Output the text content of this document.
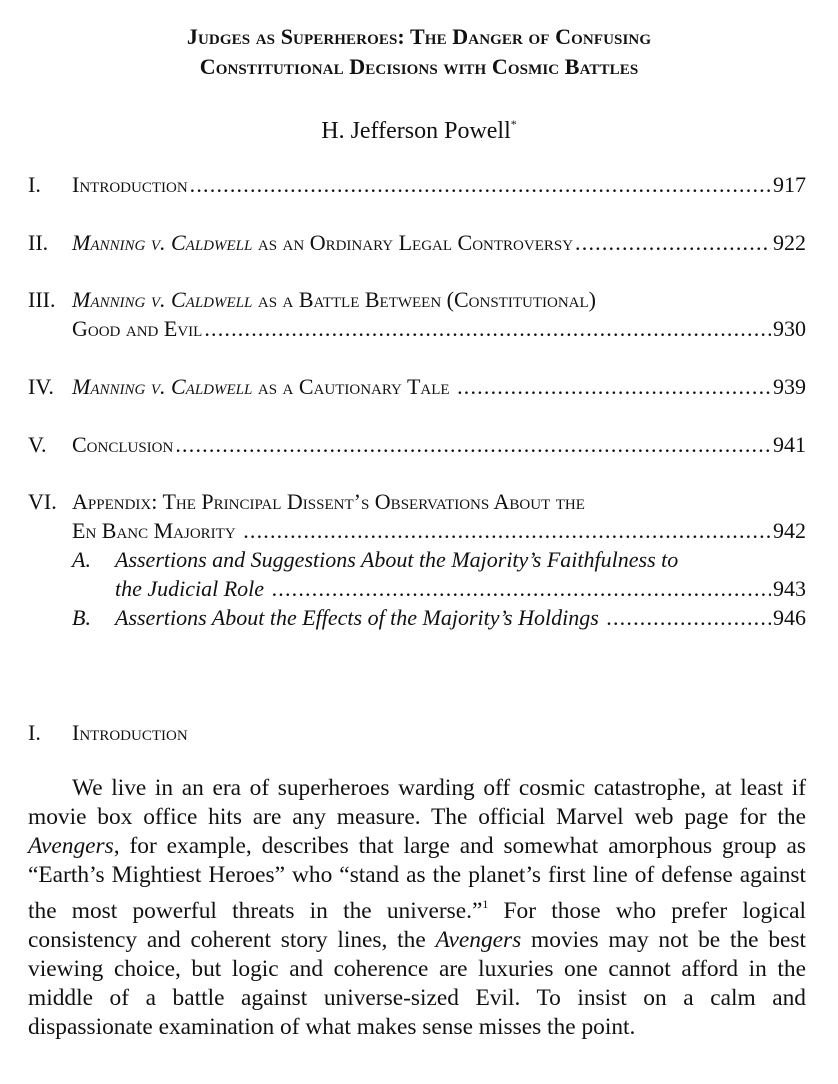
Judges as Superheroes: The Danger of Confusing
Constitutional Decisions with Cosmic Battles
H. Jefferson Powell*
I. Introduction .....	917
II. Manning v. Caldwell as an Ordinary Legal Controversy .....	922
III. Manning v. Caldwell as a Battle Between (Constitutional)
Good and Evil .....	930
IV. Manning v. Caldwell as a Cautionary Tale .....	939
V. Conclusion .....	941
VI. Appendix: The Principal Dissent’s Observations About the
En Banc Majority .....	942
A. Assertions and Suggestions About the Majority’s Faithfulness to
the Judicial Role .....	943
B. Assertions About the Effects of the Majority’s Holdings .....	946
I. Introduction
We live in an era of superheroes warding off cosmic catastrophe, at least if movie box office hits are any measure. The official Marvel web page for the Avengers, for example, describes that large and somewhat amorphous group as “Earth’s Mightiest Heroes” who “stand as the planet’s first line of defense against the most powerful threats in the universe.”$^1$ For those who prefer logical consistency and coherent story lines, the Avengers movies may not be the best viewing choice, but logic and coherence are luxuries one cannot afford in the middle of a battle against universe-sized Evil. To insist on a calm and dispassionate examination of what makes sense misses the point.
